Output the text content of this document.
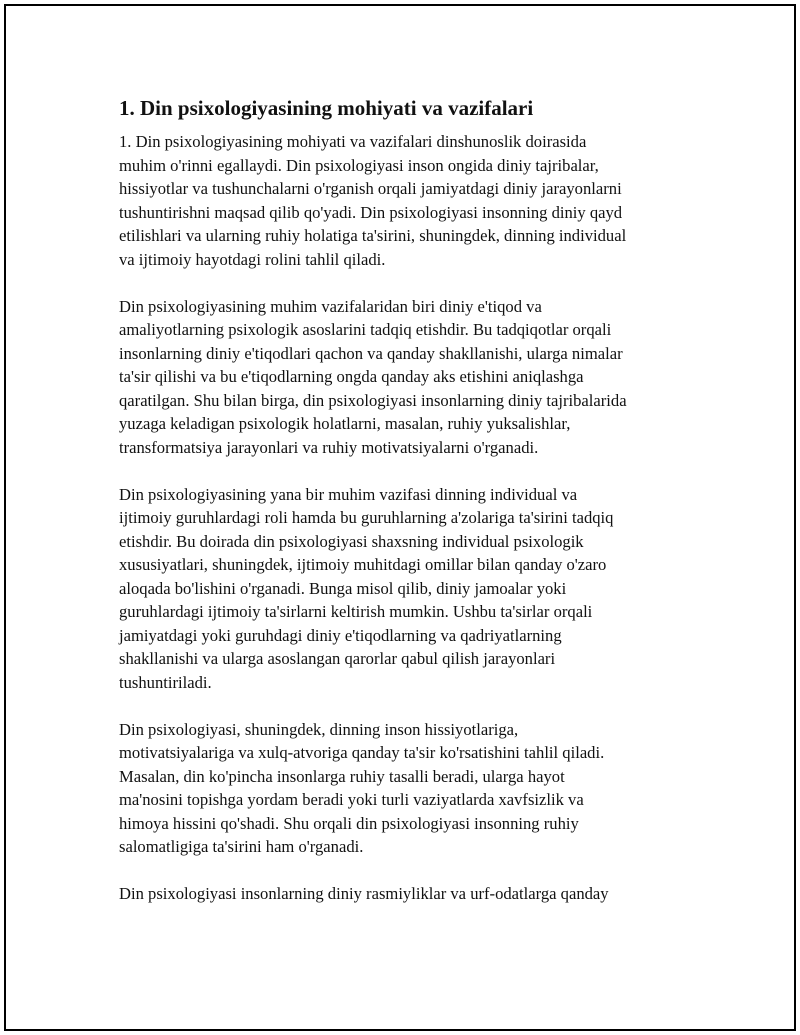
1. Din psixologiyasining mohiyati va vazifalari

1. Din psixologiyasining mohiyati va vazifalari dinshunoslik doirasida
muhim o'rinni egallaydi. Din psixologiyasi inson ongida diniy tajribalar,
hissiyotlar va tushunchalarni o'rganish orqali jamiyatdagi diniy jarayonlarni
tushuntirishni maqsad qilib qo'yadi. Din psixologiyasi insonning diniy qayd
etilishlari va ularning ruhiy holatiga ta'sirini, shuningdek, dinning individual
va ijtimoiy hayotdagi rolini tahlil qiladi.

Din psixologiyasining muhim vazifalaridan biri diniy e'tiqod va
amaliyotlarning psixologik asoslarini tadqiq etishdir. Bu tadqiqotlar orqali
insonlarning diniy e'tiqodlari qachon va qanday shakllanishi, ularga nimalar
ta'sir qilishi va bu e'tiqodlarning ongda qanday aks etishini aniqlashga
qaratilgan. Shu bilan birga, din psixologiyasi insonlarning diniy tajribalarida
yuzaga keladigan psixologik holatlarni, masalan, ruhiy yuksalishlar,
transformatsiya jarayonlari va ruhiy motivatsiyalarni o'rganadi.

Din psixologiyasining yana bir muhim vazifasi dinning individual va
ijtimoiy guruhlardagi roli hamda bu guruhlarning a'zolariga ta'sirini tadqiq
etishdir. Bu doirada din psixologiyasi shaxsning individual psixologik
xususiyatlari, shuningdek, ijtimoiy muhitdagi omillar bilan qanday o'zaro
aloqada bo'lishini o'rganadi. Bunga misol qilib, diniy jamoalar yoki
guruhlardagi ijtimoiy ta'sirlarni keltirish mumkin. Ushbu ta'sirlar orqali
jamiyatdagi yoki guruhdagi diniy e'tiqodlarning va qadriyatlarning
shakllanishi va ularga asoslangan qarorlar qabul qilish jarayonlari
tushuntiriladi.

Din psixologiyasi, shuningdek, dinning inson hissiyotlariga,
motivatsiyalariga va xulq-atvoriga qanday ta'sir ko'rsatishini tahlil qiladi.
Masalan, din ko'pincha insonlarga ruhiy tasalli beradi, ularga hayot
ma'nosini topishga yordam beradi yoki turli vaziyatlarda xavfsizlik va
himoya hissini qo'shadi. Shu orqali din psixologiyasi insonning ruhiy
salomatligiga ta'sirini ham o'rganadi.

Din psixologiyasi insonlarning diniy rasmiyliklar va urf-odatlarga qanday
